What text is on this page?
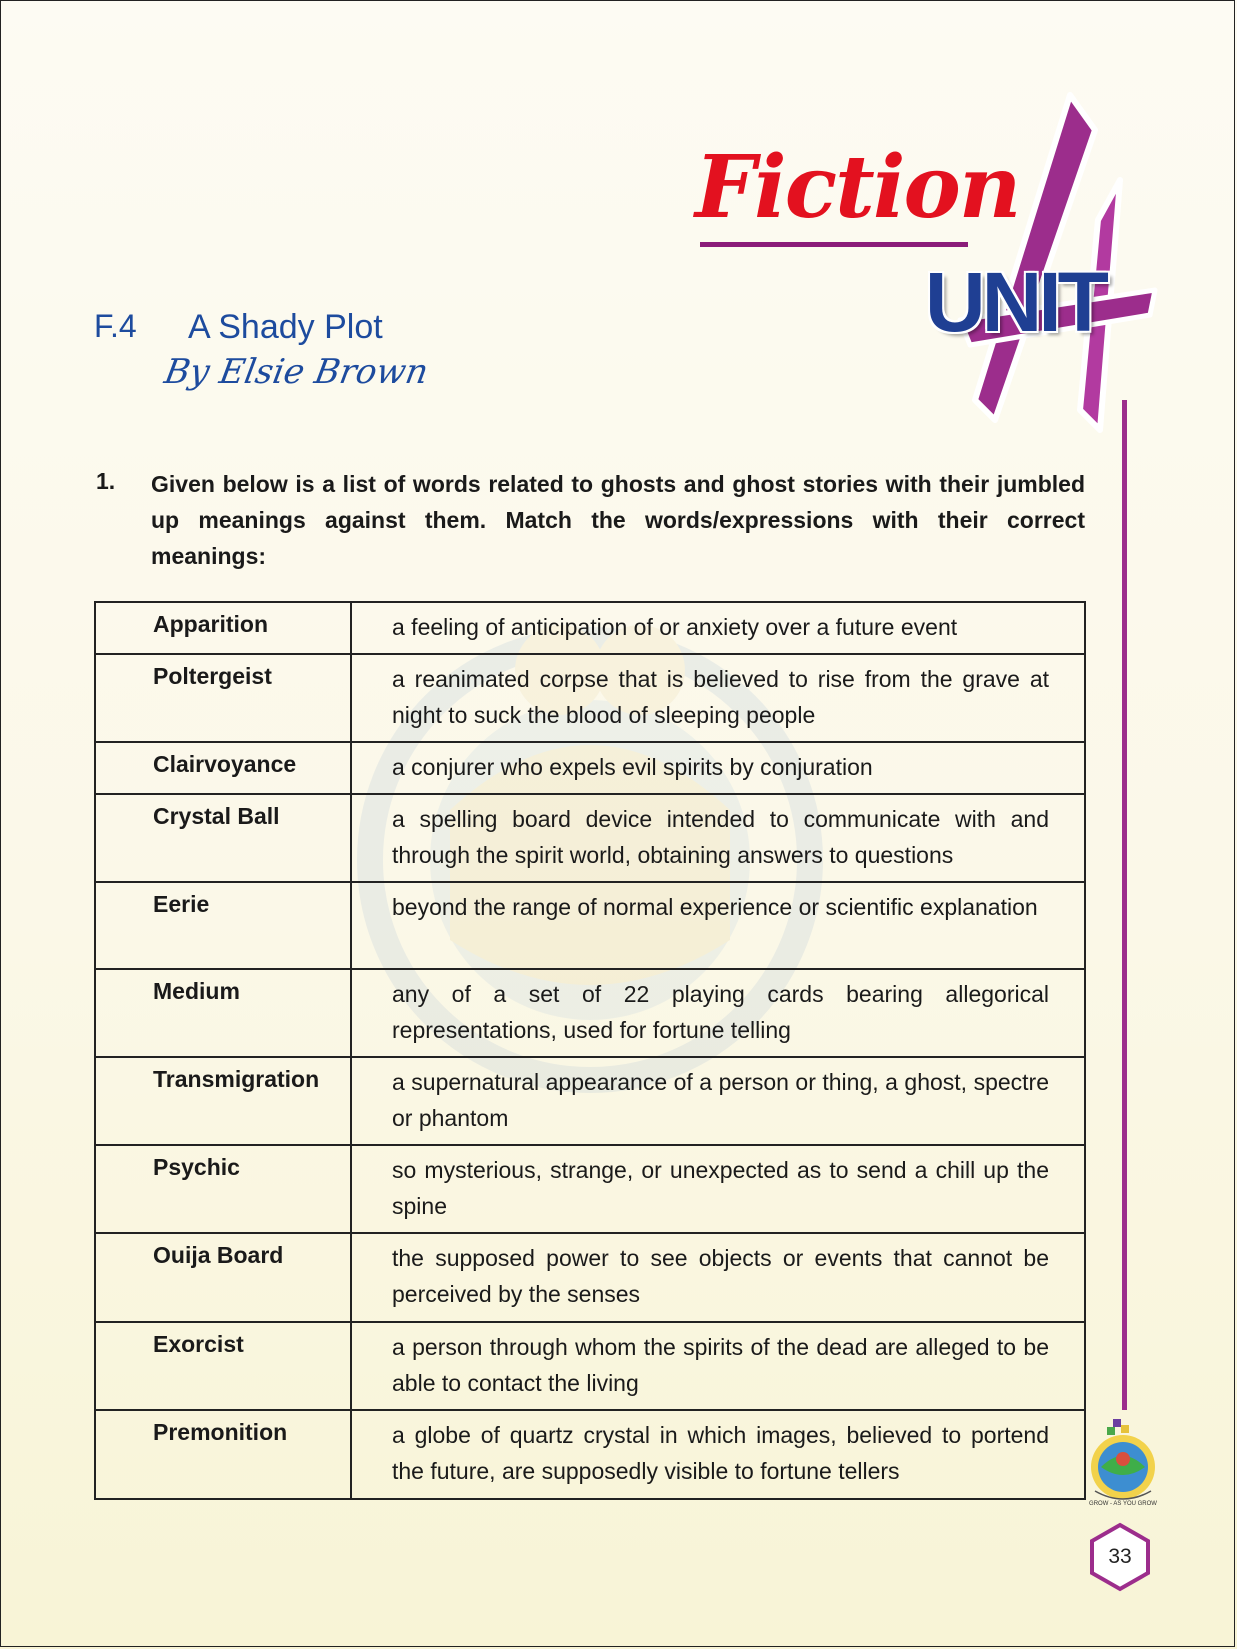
Fiction
UNIT
F.4 A Shady Plot
By Elsie Brown
1. Given below is a list of words related to ghosts and ghost stories with their jumbled up meanings against them. Match the words/expressions with their correct meanings:
Apparition	a feeling of anticipation of or anxiety over a future event
Poltergeist	a reanimated corpse that is believed to rise from the grave at night to suck the blood of sleeping people
Clairvoyance	a conjurer who expels evil spirits by conjuration
Crystal Ball	a spelling board device intended to communicate with and through the spirit world, obtaining answers to questions
Eerie	beyond the range of normal experience or scientific explanation
Medium	any of a set of 22 playing cards bearing allegorical representations, used for fortune telling
Transmigration	a supernatural appearance of a person or thing, a ghost, spectre or phantom
Psychic	so mysterious, strange, or unexpected as to send a chill up the spine
Ouija Board	the supposed power to see objects or events that cannot be perceived by the senses
Exorcist	a person through whom the spirits of the dead are alleged to be able to contact the living
Premonition	a globe of quartz crystal in which images, believed to portend the future, are supposedly visible to fortune tellers
GROW - AS YOU GROW
33
